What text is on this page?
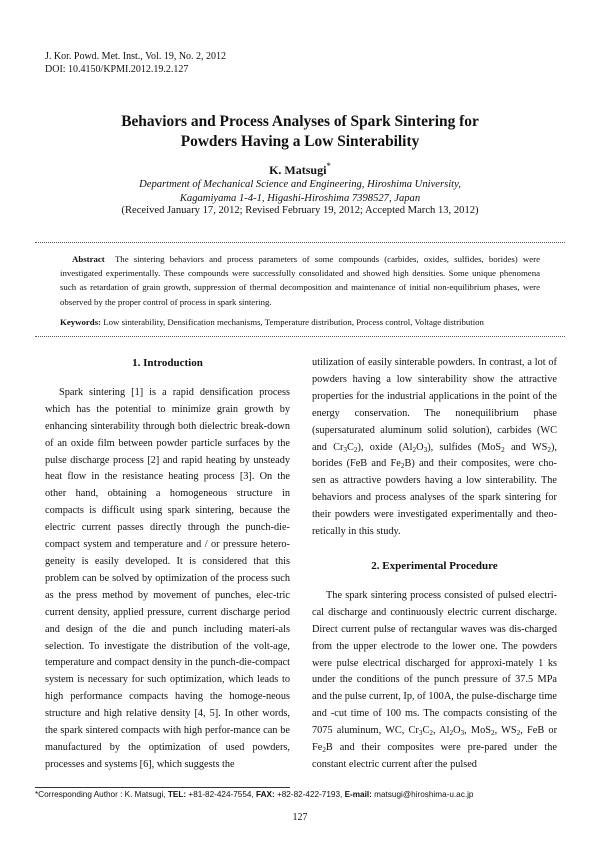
J. Kor. Powd. Met. Inst., Vol. 19, No. 2, 2012
DOI: 10.4150/KPMI.2012.19.2.127
Behaviors and Process Analyses of Spark Sintering for
Powders Having a Low Sinterability
K. Matsugi*
Department of Mechanical Science and Engineering, Hiroshima University,
Kagamiyama 1-4-1, Higashi-Hiroshima 7398527, Japan
(Received January 17, 2012; Revised February 19, 2012; Accepted March 13, 2012)
Abstract The sintering behaviors and process parameters of some compounds (carbides, oxides, sulfides, borides) were investigated experimentally. These compounds were successfully consolidated and showed high densities. Some unique phenomena such as retardation of grain growth, suppression of thermal decomposition and maintenance of initial non-equilibrium phases, were observed by the proper control of process in spark sintering.
Keywords: Low sinterability, Densification mechanisms, Temperature distribution, Process control, Voltage distribution
1. Introduction

Spark sintering [1] is a rapid densification process which has the potential to minimize grain growth by enhancing sinterability through both dielectric break-down of an oxide film between powder particle surfaces by the pulse discharge process [2] and rapid heating by unsteady heat flow in the resistance heating process [3]. On the other hand, obtaining a homogeneous structure in compacts is difficult using spark sintering, because the electric current passes directly through the punch-die-compact system and temperature and / or pressure hetero-geneity is easily developed. It is considered that this problem can be solved by optimization of the process such as the press method by movement of punches, elec-tric current density, applied pressure, current discharge period and design of the die and punch including materi-als selection. To investigate the distribution of the volt-age, temperature and compact density in the punch-die-compact system is necessary for such optimization, which leads to high performance compacts having the homoge-neous structure and high relative density [4, 5]. In other words, the spark sintered compacts with high perfor-mance can be manufactured by the optimization of used powders, processes and systems [6], which suggests the

utilization of easily sinterable powders. In contrast, a lot of powders having a low sinterability show the attractive properties for the industrial applications in the point of the energy conservation. The nonequilibrium phase (supersaturated aluminum solid solution), carbides (WC and $Cr_3C_2$), oxide $(Al_2O_3)$, sulfides (MoS$_2$ and $WS_2$), borides (FeB and $Fe_2B$) and their composites, were cho-sen as attractive powders having a low sinterability. The behaviors and process analyses of the spark sintering for their powders were investigated experimentally and theo-retically in this study.

2. Experimental Procedure

The spark sintering process consisted of pulsed electri-cal discharge and continuously electric current discharge. Direct current pulse of rectangular waves was dis-charged from the upper electrode to the lower one. The powders were pulse electrical discharged for approxi-mately 1 ks under the conditions of the punch pressure of 37.5 MPa and the pulse current, Ip, of 100A, the pulse-discharge time and -cut time of 100 ms. The compacts consisting of the 7075 aluminum, WC, $Cr_3C_2$, $Al_2O_3$, MoS$_2$, $WS_2$, FeB or $Fe_2B$ and their composites were pre-pared under the constant electric current after the pulsed

*Corresponding Author : K. Matsugi, TEL: +81-82-424-7554, FAX: +82-82-422-7193, E-mail: matsugi@hiroshima-u.ac.jp
127
